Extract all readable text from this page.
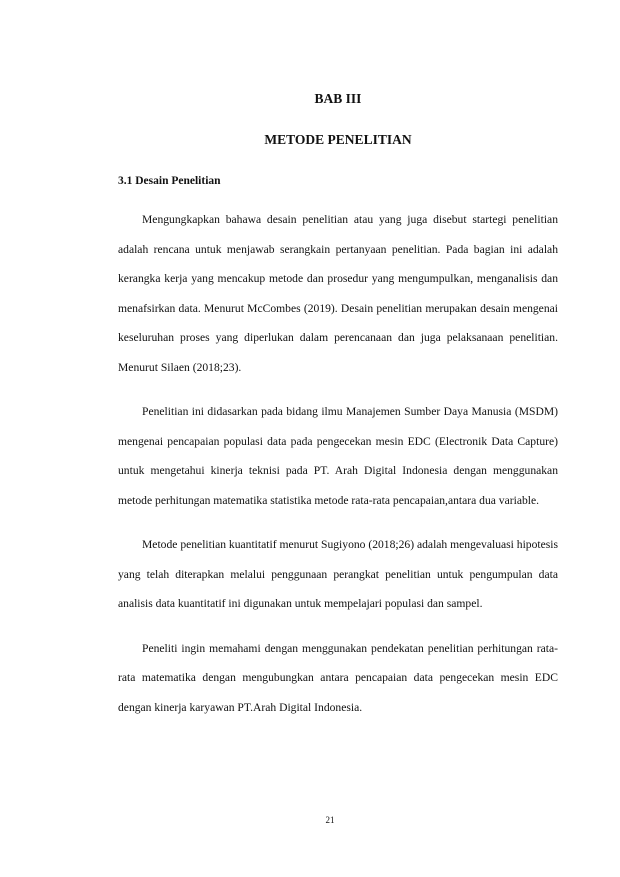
BAB III
METODE PENELITIAN
3.1 Desain Penelitian

Mengungkapkan bahawa desain penelitian atau yang juga disebut startegi penelitian adalah rencana untuk menjawab serangkain pertanyaan penelitian. Pada bagian ini adalah kerangka kerja yang mencakup metode dan prosedur yang mengumpulkan, menganalisis dan menafsirkan data. Menurut McCombes (2019). Desain penelitian merupakan desain mengenai keseluruhan proses yang diperlukan dalam perencanaan dan juga pelaksanaan penelitian. Menurut Silaen (2018;23).

Penelitian ini didasarkan pada bidang ilmu Manajemen Sumber Daya Manusia (MSDM) mengenai pencapaian populasi data pada pengecekan mesin EDC (Electronik Data Capture) untuk mengetahui kinerja teknisi pada PT. Arah Digital Indonesia dengan menggunakan metode perhitungan matematika statistika metode rata-rata pencapaian,antara dua variable.

Metode penelitian kuantitatif menurut Sugiyono (2018;26) adalah mengevaluasi hipotesis yang telah diterapkan melalui penggunaan perangkat penelitian untuk pengumpulan data analisis data kuantitatif ini digunakan untuk mempelajari populasi dan sampel.

Peneliti ingin memahami dengan menggunakan pendekatan penelitian perhitungan rata-rata matematika dengan mengubungkan antara pencapaian data pengecekan mesin EDC dengan kinerja karyawan PT.Arah Digital Indonesia.

21
